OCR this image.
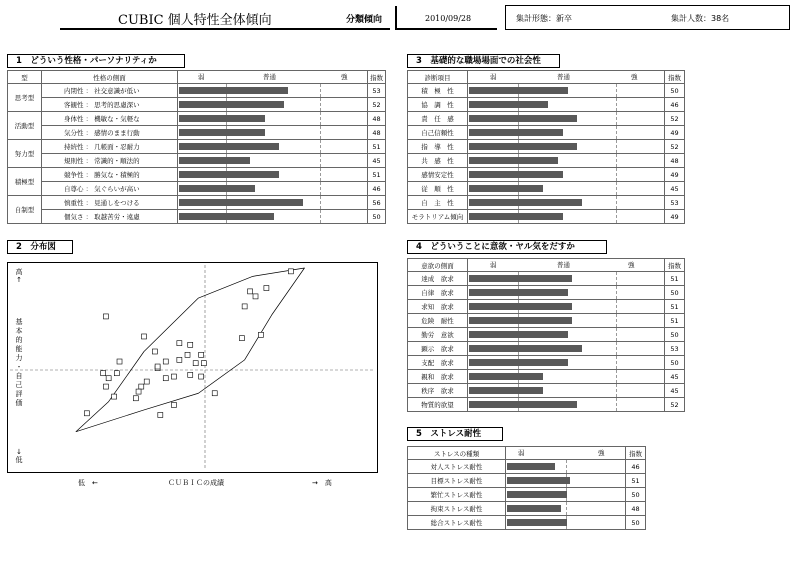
CUBIC 個人特性全体傾向	分類傾向	2010/09/28	集計形態：新卒	集計人数：38名
1　どういう性格・パーソナリティか
型	性格の側面	弱 普通 強	指数
思考型	内閉性 ： 社交意識が低い		53
	客観性 ： 思考的思慮深い		52
活動型	身体性 ： 機敏な・気軽な		48
	気分性 ： 感情のまま行動		48
努力型	持続性 ： 几帳面・忍耐力		51
	規則性 ： 常識的・順法的		45
積極型	競争性 ： 勝気な・積極的		51
	自尊心 ： 気ぐらいが高い		46
自制型	慎重性 ： 見通しをつける		56
	個気さ ： 取越苦労・遠慮		50
2　分布図
高
↑
基
本
的
能
力
・
自
己
評
価
↓
低
低　←	ＣＵＢＩＣの成績	→　高
3　基礎的な職場場面での社会性
診断項目	弱 普通 強	指数
積　極　性		50
協　調　性		46
責　任　感		52
自己信頼性		49
指　導　性		52
共　感　性		48
感情安定性		49
従　順　性		45
自　主　性		53
モラトリアム傾向		49
4　どういうことに意欲・ヤル気をだすか
意欲の側面	弱 普通 強	指数
達成　欲求		51
自律　欲求		50
求知　欲求		51
危険　耐性		51
勤労　意欲		50
顕示　欲求		53
支配　欲求		50
親和　欲求		45
秩序　欲求		45
物質的欲望		52
5　ストレス耐性
ストレスの種類	弱 強	指数
対人ストレス耐性		46
目標ストレス耐性		51
繁忙ストレス耐性		50
拘束ストレス耐性		48
総合ストレス耐性		50
